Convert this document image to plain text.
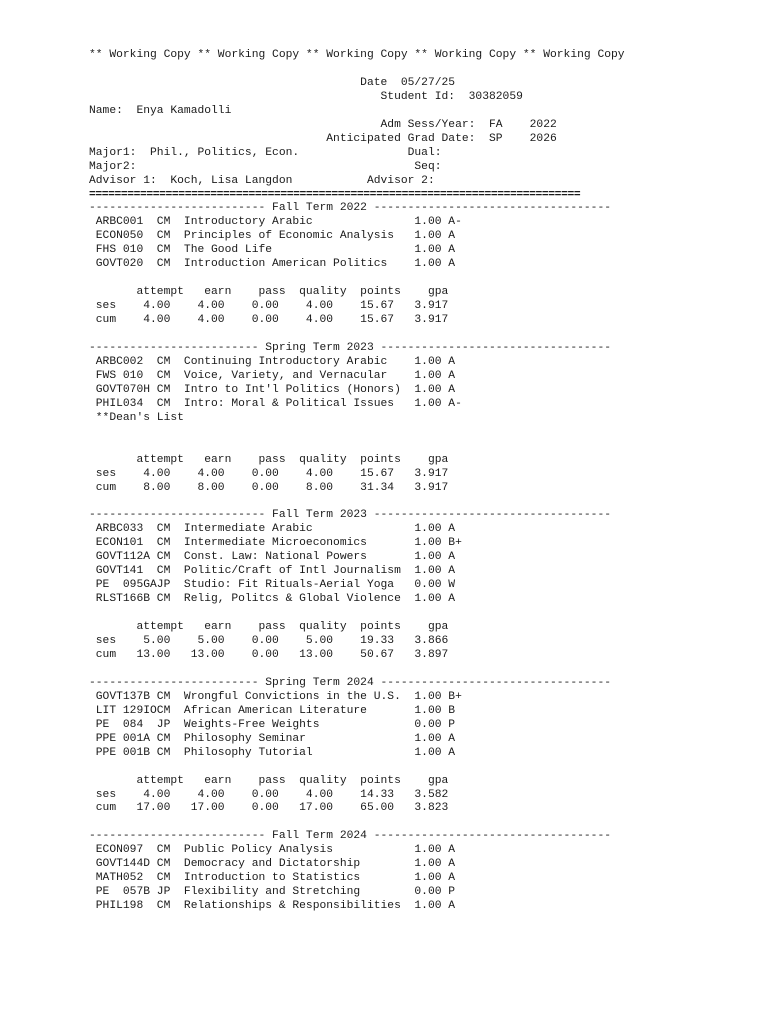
** Working Copy ** Working Copy ** Working Copy ** Working Copy ** Working Copy
Date  05/27/25
Student Id:  30382059
Name:  Enya Kamadolli
Adm Sess/Year:  FA    2022
Anticipated Grad Date:  SP    2026
Major1:  Phil., Politics, Econ.                Dual:
Major2:                                         Seq:
Advisor 1:  Koch, Lisa Langdon           Advisor 2:
=============================================================================
-------------------------- Fall Term 2022 -----------------------------------
ARBC001  CM  Introductory Arabic               1.00 A-
ECON050  CM  Principles of Economic Analysis   1.00 A
FHS 010  CM  The Good Life                     1.00 A
GOVT020  CM  Introduction American Politics    1.00 A
attempt   earn    pass  quality  points    gpa
ses    4.00    4.00    0.00    4.00    15.67   3.917
cum    4.00    4.00    0.00    4.00    15.67   3.917
------------------------- Spring Term 2023 ----------------------------------
ARBC002  CM  Continuing Introductory Arabic    1.00 A
FWS 010  CM  Voice, Variety, and Vernacular    1.00 A
GOVT070H CM  Intro to Int'l Politics (Honors)  1.00 A
PHIL034  CM  Intro: Moral & Political Issues   1.00 A-
**Dean's List
attempt   earn    pass  quality  points    gpa
ses    4.00    4.00    0.00    4.00    15.67   3.917
cum    8.00    8.00    0.00    8.00    31.34   3.917
-------------------------- Fall Term 2023 -----------------------------------
ARBC033  CM  Intermediate Arabic               1.00 A
ECON101  CM  Intermediate Microeconomics       1.00 B+
GOVT112A CM  Const. Law: National Powers       1.00 A
GOVT141  CM  Politic/Craft of Intl Journalism  1.00 A
PE  095GAJP  Studio: Fit Rituals-Aerial Yoga   0.00 W
RLST166B CM  Relig, Politcs & Global Violence  1.00 A
attempt   earn    pass  quality  points    gpa
ses    5.00    5.00    0.00    5.00    19.33   3.866
cum   13.00   13.00    0.00   13.00    50.67   3.897
------------------------- Spring Term 2024 ----------------------------------
GOVT137B CM  Wrongful Convictions in the U.S.  1.00 B+
LIT 129IOCM  African American Literature       1.00 B
PE  084  JP  Weights-Free Weights              0.00 P
PPE 001A CM  Philosophy Seminar                1.00 A
PPE 001B CM  Philosophy Tutorial               1.00 A
attempt   earn    pass  quality  points    gpa
ses    4.00    4.00    0.00    4.00    14.33   3.582
cum   17.00   17.00    0.00   17.00    65.00   3.823
-------------------------- Fall Term 2024 -----------------------------------
ECON097  CM  Public Policy Analysis            1.00 A
GOVT144D CM  Democracy and Dictatorship        1.00 A
MATH052  CM  Introduction to Statistics        1.00 A
PE  057B JP  Flexibility and Stretching        0.00 P
PHIL198  CM  Relationships & Responsibilities  1.00 A
